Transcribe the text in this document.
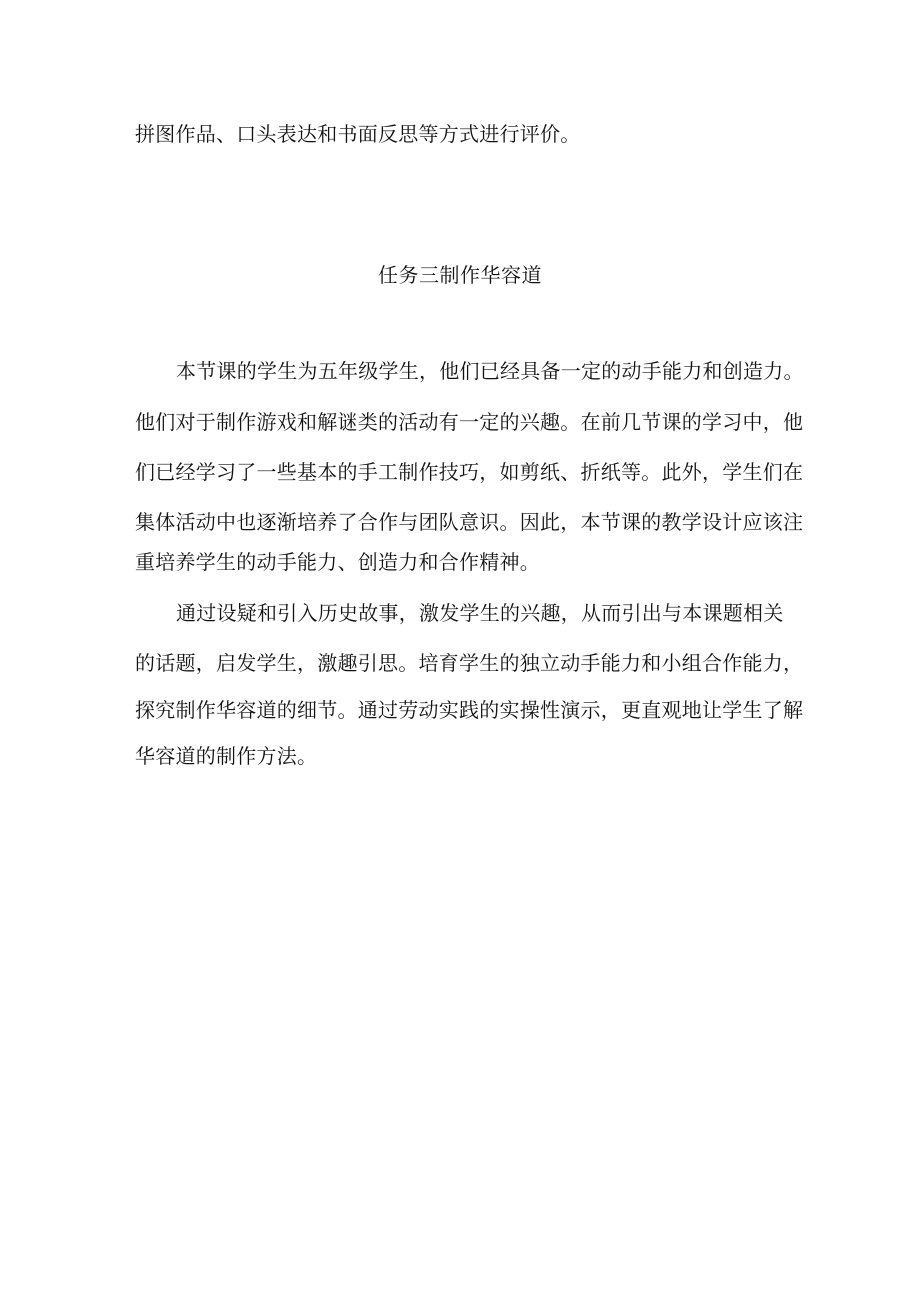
拼图作品、口头表达和书面反思等方式进行评价。
任务三制作华容道
本节课的学生为五年级学生，他们已经具备一定的动手能力和创造力。
他们对于制作游戏和解谜类的活动有一定的兴趣。在前几节课的学习中，他
们已经学习了一些基本的手工制作技巧，如剪纸、折纸等。此外，学生们在
集体活动中也逐渐培养了合作与团队意识。因此，本节课的教学设计应该注
重培养学生的动手能力、创造力和合作精神。
通过设疑和引入历史故事，激发学生的兴趣，从而引出与本课题相关
的话题，启发学生，激趣引思。培育学生的独立动手能力和小组合作能力，
探究制作华容道的细节。通过劳动实践的实操性演示，更直观地让学生了解
华容道的制作方法。
